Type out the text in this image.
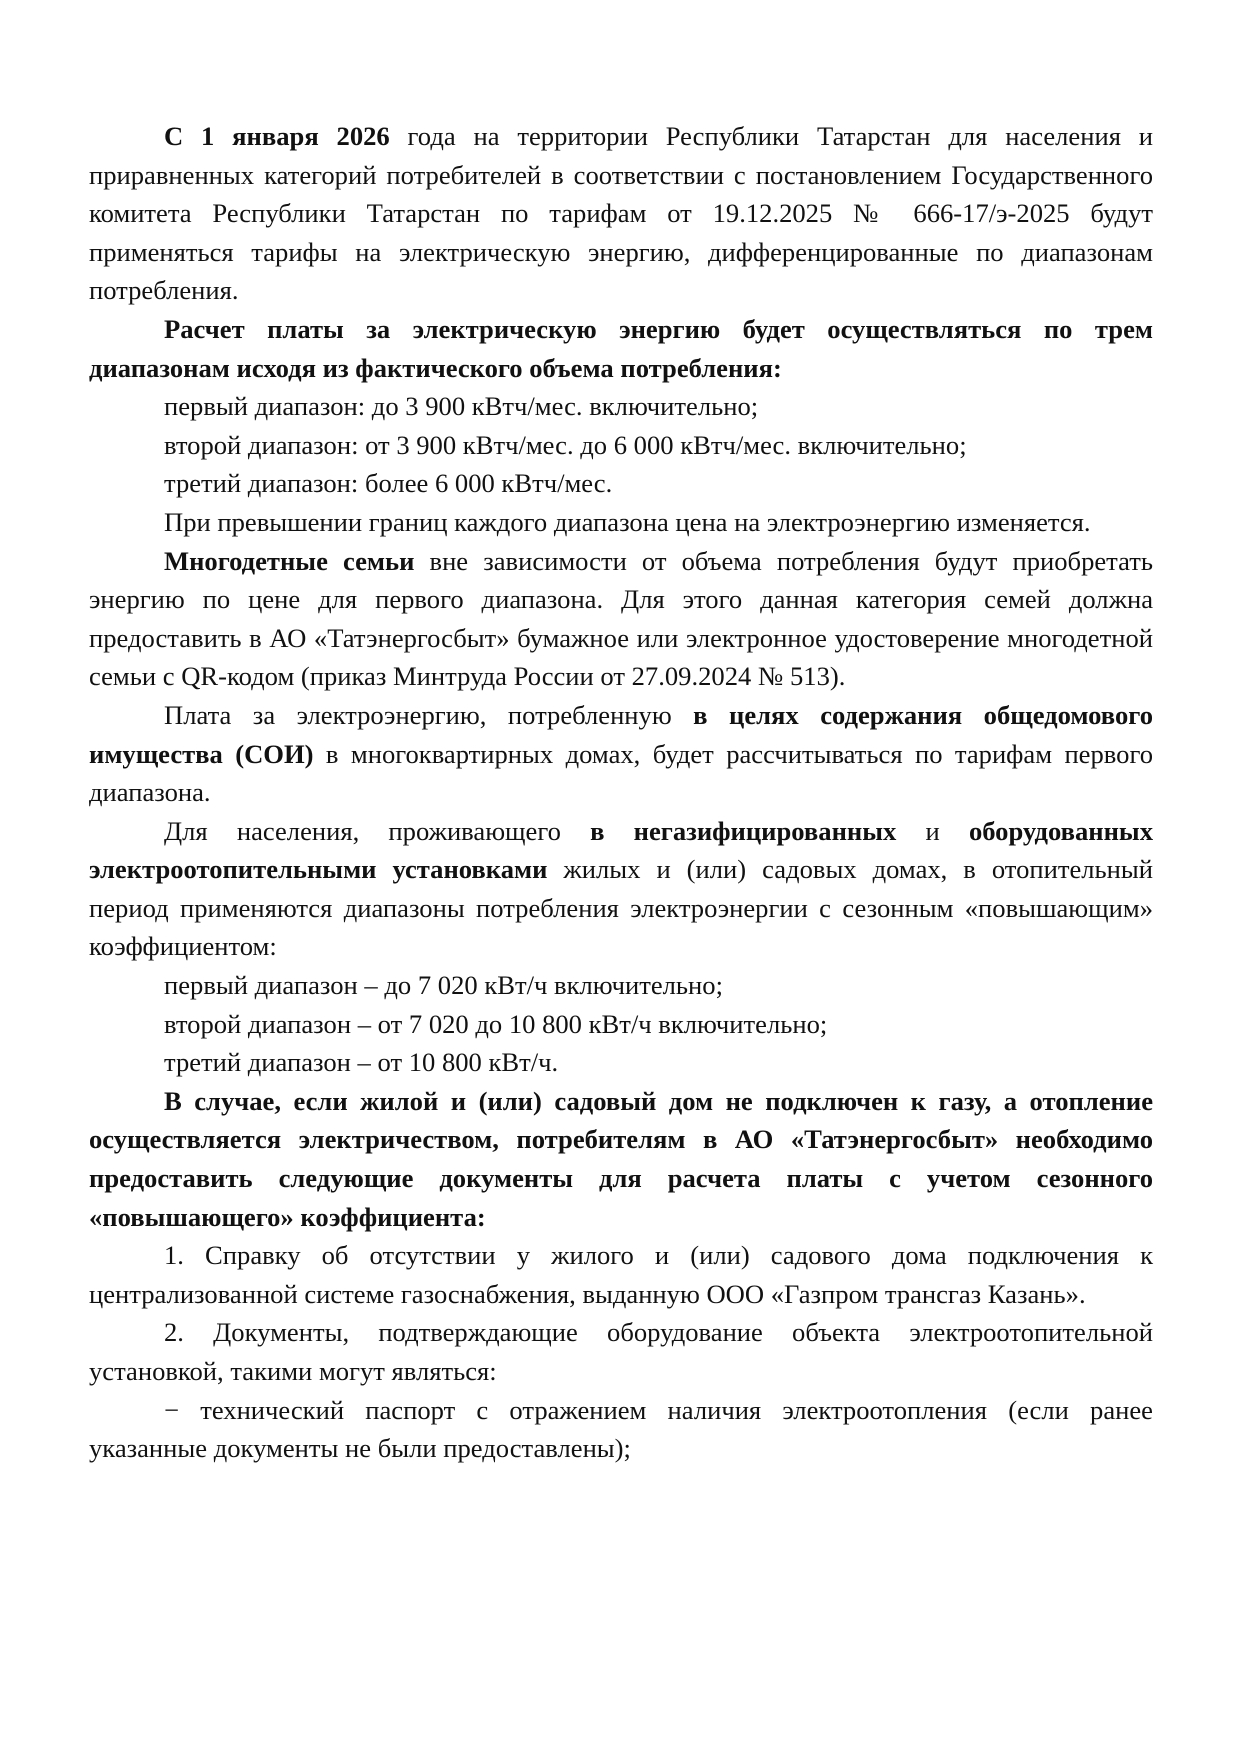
С 1 января 2026 года на территории Республики Татарстан для населения и приравненных категорий потребителей в соответствии с постановлением Государственного комитета Республики Татарстан по тарифам от 19.12.2025 № 666-17/э-2025 будут применяться тарифы на электрическую энергию, дифференцированные по диапазонам потребления.

Расчет платы за электрическую энергию будет осуществляться по трем диапазонам исходя из фактического объема потребления:

первый диапазон: до 3 900 кВтч/мес. включительно;

второй диапазон: от 3 900 кВтч/мес. до 6 000 кВтч/мес. включительно;

третий диапазон: более 6 000 кВтч/мес.

При превышении границ каждого диапазона цена на электроэнергию изменяется.

Многодетные семьи вне зависимости от объема потребления будут приобретать энергию по цене для первого диапазона. Для этого данная категория семей должна предоставить в АО «Татэнергосбыт» бумажное или электронное удостоверение многодетной семьи с QR-кодом (приказ Минтруда России от 27.09.2024 № 513).

Плата за электроэнергию, потребленную в целях содержания общедомового имущества (СОИ) в многоквартирных домах, будет рассчитываться по тарифам первого диапазона.

Для населения, проживающего в негазифицированных и оборудованных электроотопительными установками жилых и (или) садовых домах, в отопительный период применяются диапазоны потребления электроэнергии с сезонным «повышающим» коэффициентом:

первый диапазон – до 7 020 кВт/ч включительно;

второй диапазон – от 7 020 до 10 800 кВт/ч включительно;

третий диапазон – от 10 800 кВт/ч.

В случае, если жилой и (или) садовый дом не подключен к газу, а отопление осуществляется электричеством, потребителям в АО «Татэнергосбыт» необходимо предоставить следующие документы для расчета платы с учетом сезонного «повышающего» коэффициента:

1. Справку об отсутствии у жилого и (или) садового дома подключения к централизованной системе газоснабжения, выданную ООО «Газпром трансгаз Казань».

2. Документы, подтверждающие оборудование объекта электроотопительной установкой, такими могут являться:

− технический паспорт с отражением наличия электроотопления (если ранее указанные документы не были предоставлены);
